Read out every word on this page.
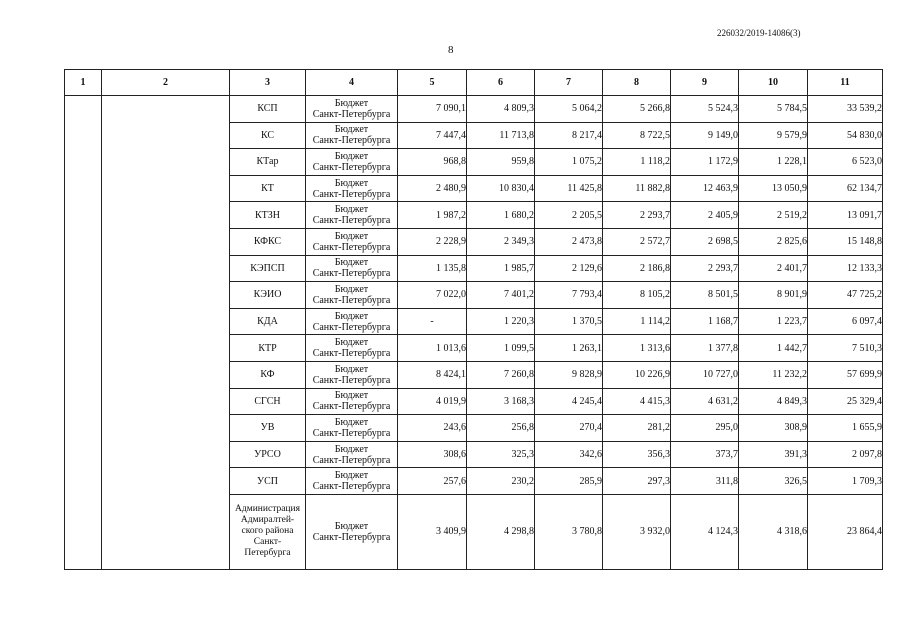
226032/2019-14086(3)
8
1	2	3	4	5	6	7	8	9	10	11
		КСП	Бюджет
Санкт-Петербурга	7 090,1	4 809,3	5 064,2	5 266,8	5 524,3	5 784,5	33 539,2
		КС	Бюджет
Санкт-Петербурга	7 447,4	11 713,8	8 217,4	8 722,5	9 149,0	9 579,9	54 830,0
		КТар	Бюджет
Санкт-Петербурга	968,8	959,8	1 075,2	1 118,2	1 172,9	1 228,1	6 523,0
		КТ	Бюджет
Санкт-Петербурга	2 480,9	10 830,4	11 425,8	11 882,8	12 463,9	13 050,9	62 134,7
		КТЗН	Бюджет
Санкт-Петербурга	1 987,2	1 680,2	2 205,5	2 293,7	2 405,9	2 519,2	13 091,7
		КФКС	Бюджет
Санкт-Петербурга	2 228,9	2 349,3	2 473,8	2 572,7	2 698,5	2 825,6	15 148,8
		КЭПСП	Бюджет
Санкт-Петербурга	1 135,8	1 985,7	2 129,6	2 186,8	2 293,7	2 401,7	12 133,3
		КЭИО	Бюджет
Санкт-Петербурга	7 022,0	7 401,2	7 793,4	8 105,2	8 501,5	8 901,9	47 725,2
		КДА	Бюджет
Санкт-Петербурга	-	1 220,3	1 370,5	1 114,2	1 168,7	1 223,7	6 097,4
		КТР	Бюджет
Санкт-Петербурга	1 013,6	1 099,5	1 263,1	1 313,6	1 377,8	1 442,7	7 510,3
		КФ	Бюджет
Санкт-Петербурга	8 424,1	7 260,8	9 828,9	10 226,9	10 727,0	11 232,2	57 699,9
		СГСН	Бюджет
Санкт-Петербурга	4 019,9	3 168,3	4 245,4	4 415,3	4 631,2	4 849,3	25 329,4
		УВ	Бюджет
Санкт-Петербурга	243,6	256,8	270,4	281,2	295,0	308,9	1 655,9
		УРСО	Бюджет
Санкт-Петербурга	308,6	325,3	342,6	356,3	373,7	391,3	2 097,8
		УСП	Бюджет
Санкт-Петербурга	257,6	230,2	285,9	297,3	311,8	326,5	1 709,3
		Администрация
Адмиралтей-
ского района
Санкт-
Петербурга	Бюджет
Санкт-Петербурга	3 409,9	4 298,8	3 780,8	3 932,0	4 124,3	4 318,6	23 864,4
